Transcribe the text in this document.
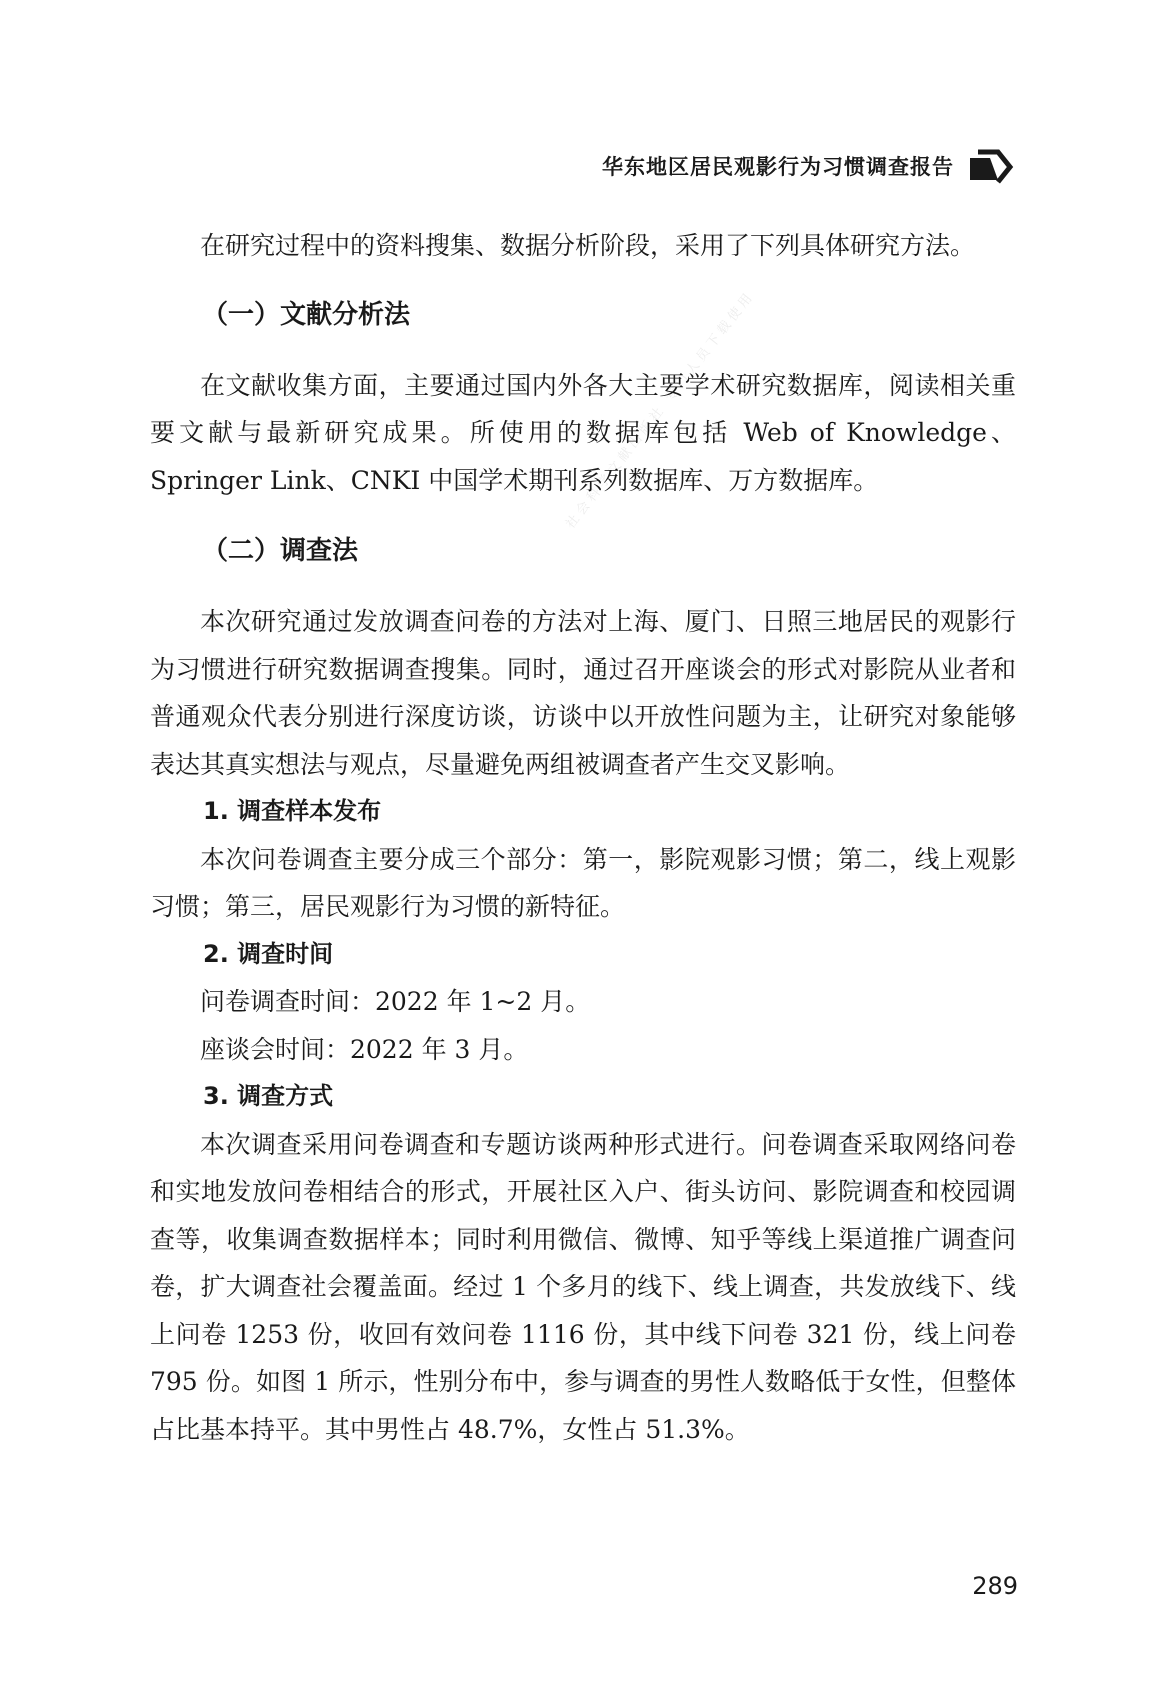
华东地区居民观影行为习惯调查报告
社会科学文献出版社 专门人员下载使用

在研究过程中的资料搜集、数据分析阶段，采用了下列具体研究方法。

（一）文献分析法

在文献收集方面，主要通过国内外各大主要学术研究数据库，阅读相关重要文献与最新研究成果。所使用的数据库包括 Web of Knowledge、Springer Link、CNKI 中国学术期刊系列数据库、万方数据库。

（二）调查法

本次研究通过发放调查问卷的方法对上海、厦门、日照三地居民的观影行为习惯进行研究数据调查搜集。同时，通过召开座谈会的形式对影院从业者和普通观众代表分别进行深度访谈，访谈中以开放性问题为主，让研究对象能够表达其真实想法与观点，尽量避免两组被调查者产生交叉影响。

1. 调查样本发布

本次问卷调查主要分成三个部分：第一，影院观影习惯；第二，线上观影习惯；第三，居民观影行为习惯的新特征。

2. 调查时间

问卷调查时间：2022 年 1~2 月。

座谈会时间：2022 年 3 月。

3. 调查方式

本次调查采用问卷调查和专题访谈两种形式进行。问卷调查采取网络问卷和实地发放问卷相结合的形式，开展社区入户、街头访问、影院调查和校园调查等，收集调查数据样本；同时利用微信、微博、知乎等线上渠道推广调查问卷，扩大调查社会覆盖面。经过 1 个多月的线下、线上调查，共发放线下、线上问卷 1253 份，收回有效问卷 1116 份，其中线下问卷 321 份，线上问卷 795 份。如图 1 所示，性别分布中，参与调查的男性人数略低于女性，但整体占比基本持平。其中男性占 48.7%，女性占 51.3%。

289
